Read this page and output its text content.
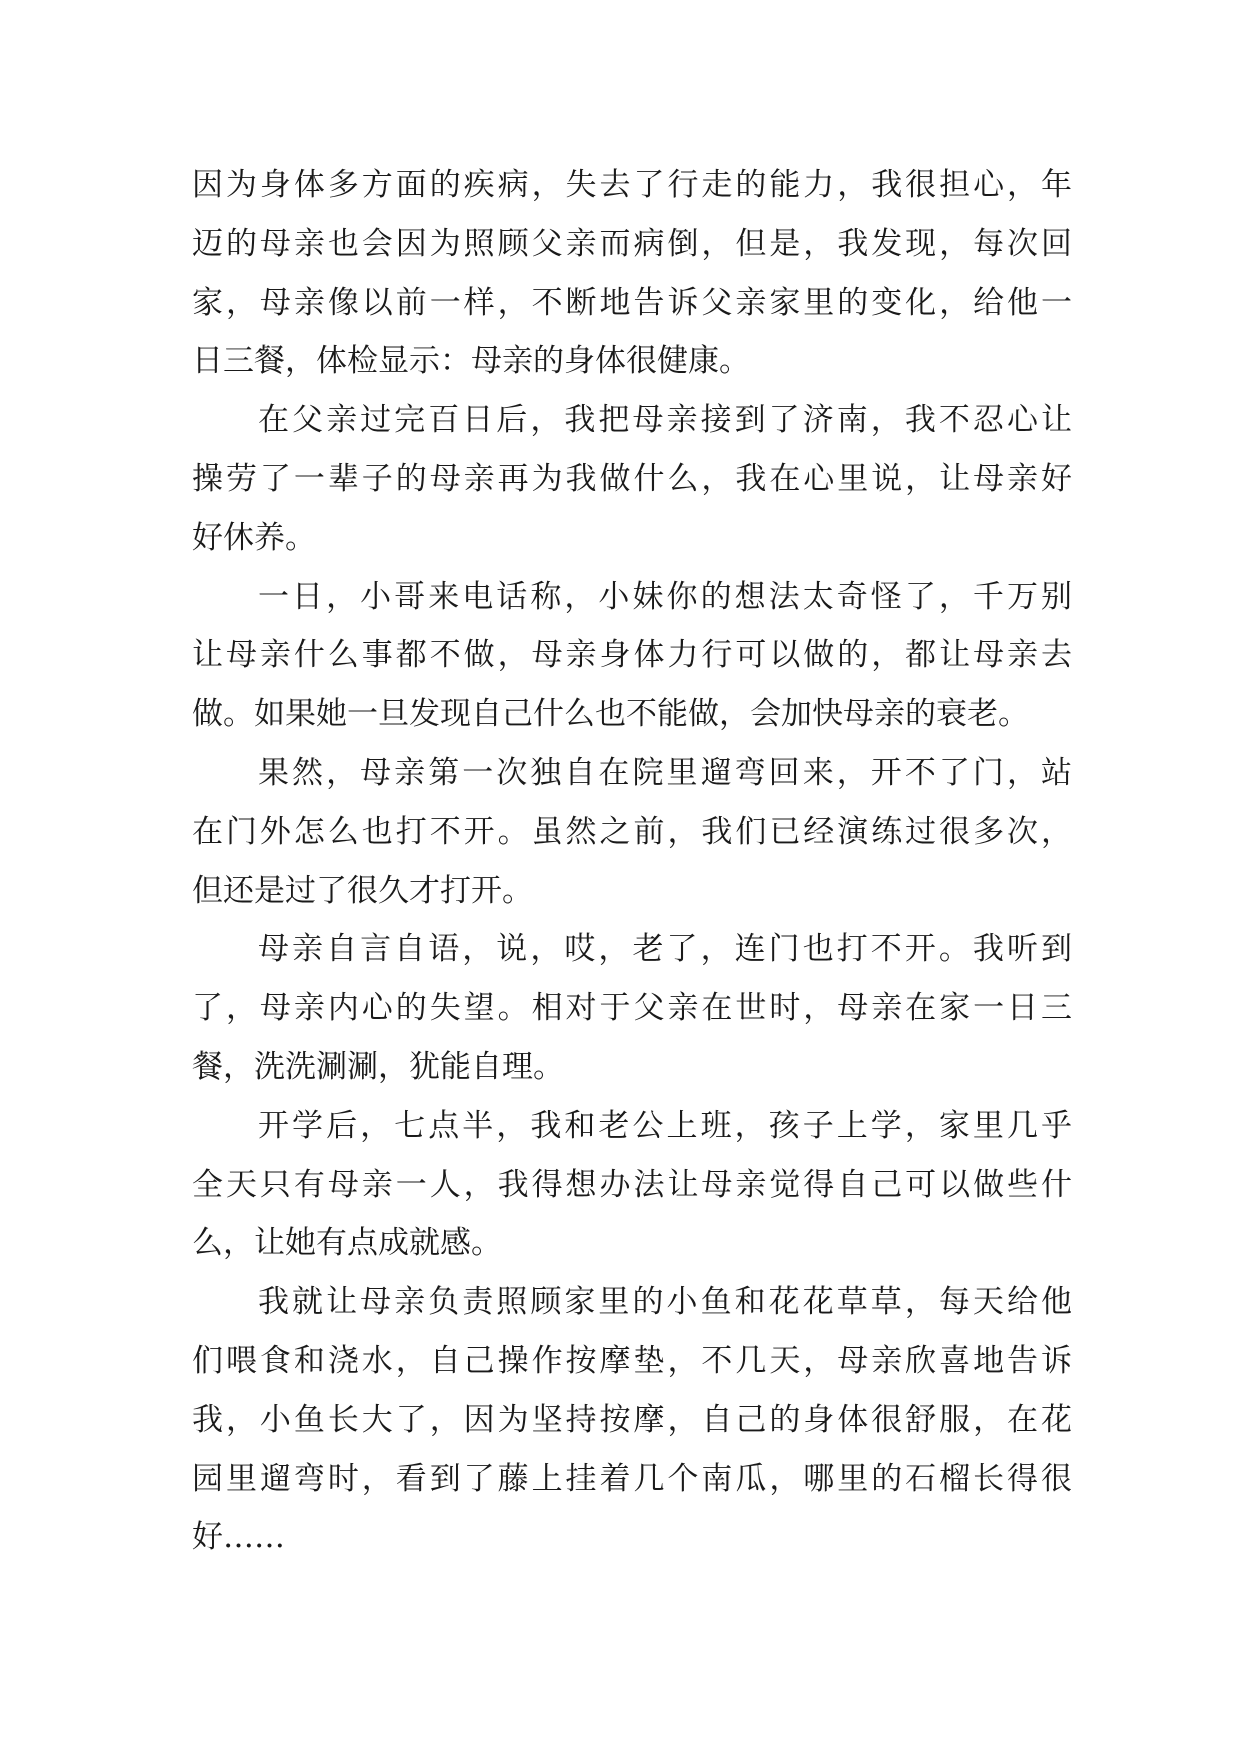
因为身体多方面的疾病，失去了行走的能力，我很担心，年
迈的母亲也会因为照顾父亲而病倒，但是，我发现，每次回
家，母亲像以前一样，不断地告诉父亲家里的变化，给他一
日三餐，体检显示：母亲的身体很健康。
在父亲过完百日后，我把母亲接到了济南，我不忍心让
操劳了一辈子的母亲再为我做什么，我在心里说，让母亲好
好休养。
一日，小哥来电话称，小妹你的想法太奇怪了，千万别
让母亲什么事都不做，母亲身体力行可以做的，都让母亲去
做。如果她一旦发现自己什么也不能做，会加快母亲的衰老。
果然，母亲第一次独自在院里遛弯回来，开不了门，站
在门外怎么也打不开。虽然之前，我们已经演练过很多次，
但还是过了很久才打开。
母亲自言自语，说，哎，老了，连门也打不开。我听到
了，母亲内心的失望。相对于父亲在世时，母亲在家一日三
餐，洗洗涮涮，犹能自理。
开学后，七点半，我和老公上班，孩子上学，家里几乎
全天只有母亲一人，我得想办法让母亲觉得自己可以做些什
么，让她有点成就感。
我就让母亲负责照顾家里的小鱼和花花草草，每天给他
们喂食和浇水，自己操作按摩垫，不几天，母亲欣喜地告诉
我，小鱼长大了，因为坚持按摩，自己的身体很舒服，在花
园里遛弯时，看到了藤上挂着几个南瓜，哪里的石榴长得很
好……
